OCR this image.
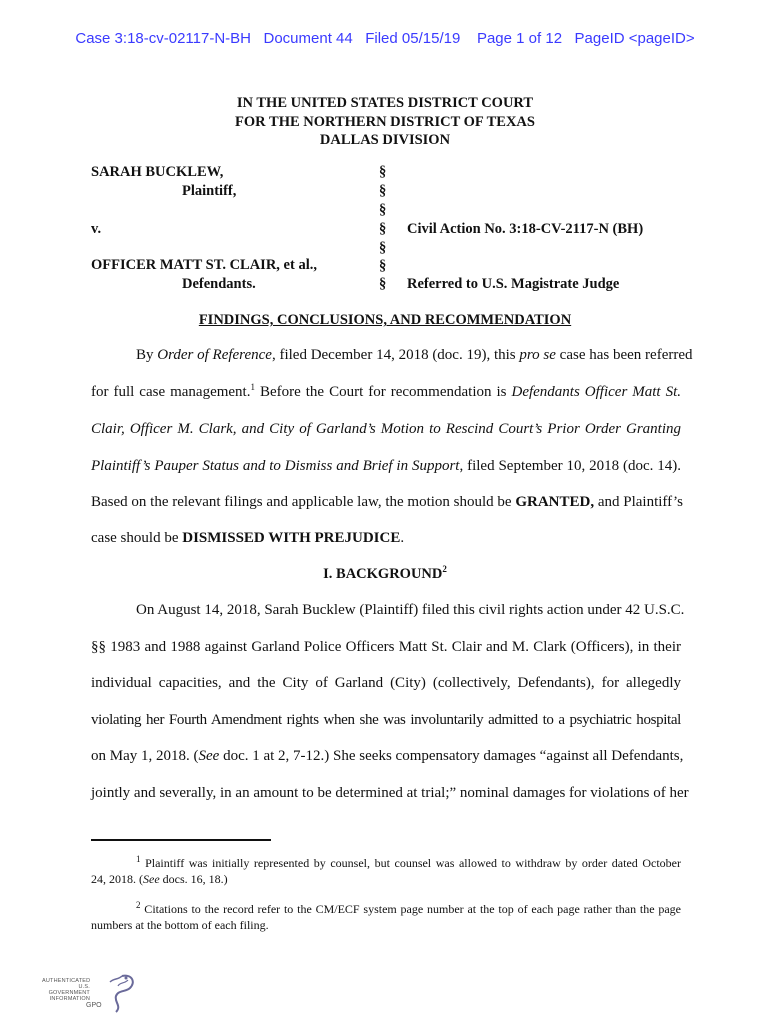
Case 3:18-cv-02117-N-BH   Document 44   Filed 05/15/19    Page 1 of 12   PageID <pageID>
IN THE UNITED STATES DISTRICT COURT
FOR THE NORTHERN DISTRICT OF TEXAS
DALLAS DIVISION
SARAH BUCKLEW,
Plaintiff,
v.
OFFICER MATT ST. CLAIR, et al.,
Defendants.
§
§
§
§
§
§
§
Civil Action No. 3:18-CV-2117-N (BH)
Referred to U.S. Magistrate Judge
FINDINGS, CONCLUSIONS, AND RECOMMENDATION
By Order of Reference, filed December 14, 2018 (doc. 19), this pro se case has been referred
for full case management.$^1$ Before the Court for recommendation is Defendants Officer Matt St.
Clair, Officer M. Clark, and City of Garland’s Motion to Rescind Court’s Prior Order Granting
Plaintiff’s Pauper Status and to Dismiss and Brief in Support, filed September 10, 2018 (doc. 14).
Based on the relevant filings and applicable law, the motion should be GRANTED, and Plaintiff’s
case should be DISMISSED WITH PREJUDICE.
I. BACKGROUND$^2$
On August 14, 2018, Sarah Bucklew (Plaintiff) filed this civil rights action under 42 U.S.C.
§§ 1983 and 1988 against Garland Police Officers Matt St. Clair and M. Clark (Officers), in their
individual capacities, and the City of Garland (City) (collectively, Defendants), for allegedly
violating her Fourth Amendment rights when she was involuntarily admitted to a psychiatric hospital
on May 1, 2018. (See doc. 1 at 2, 7-12.) She seeks compensatory damages “against all Defendants,
jointly and severally, in an amount to be determined at trial;” nominal damages for violations of her
$^1$ Plaintiff was initially represented by counsel, but counsel was allowed to withdraw by order dated October
24, 2018. (See docs. 16, 18.)
$^2$ Citations to the record refer to the CM/ECF system page number at the top of each page rather than the page
numbers at the bottom of each filing.
AUTHENTICATED
U.S. GOVERNMENT
INFORMATION
GPO
